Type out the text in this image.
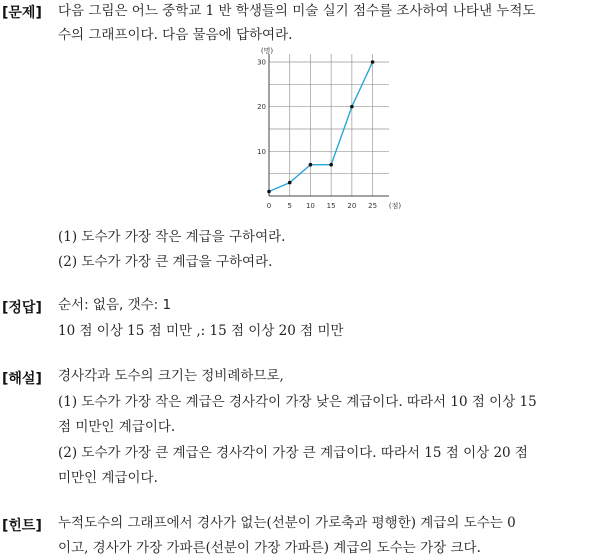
[문제] 다음 그림은 어느 중학교 1 반 학생들의 미술 실기 점수를 조사하여 나타낸 누적도
수의 그래프이다. 다음 물음에 답하여라.
0 5 10 15 20 25 (점)
10
20
30
(명)
(1) 도수가 가장 작은 계급을 구하여라.
(2) 도수가 가장 큰 계급을 구하여라.
[정답] 순서: 없음, 갯수: 1
10 점 이상 15 점 미만 ,: 15 점 이상 20 점 미만
[해설] 경사각과 도수의 크기는 정비례하므로,
(1) 도수가 가장 작은 계급은 경사각이 가장 낮은 계급이다. 따라서 10 점 이상 15
점 미만인 계급이다.
(2) 도수가 가장 큰 계급은 경사각이 가장 큰 계급이다. 따라서 15 점 이상 20 점
미만인 계급이다.
[힌트] 누적도수의 그래프에서 경사가 없는(선분이 가로축과 평행한) 계급의 도수는 0
이고, 경사가 가장 가파른(선분이 가장 가파른) 계급의 도수는 가장 크다.
